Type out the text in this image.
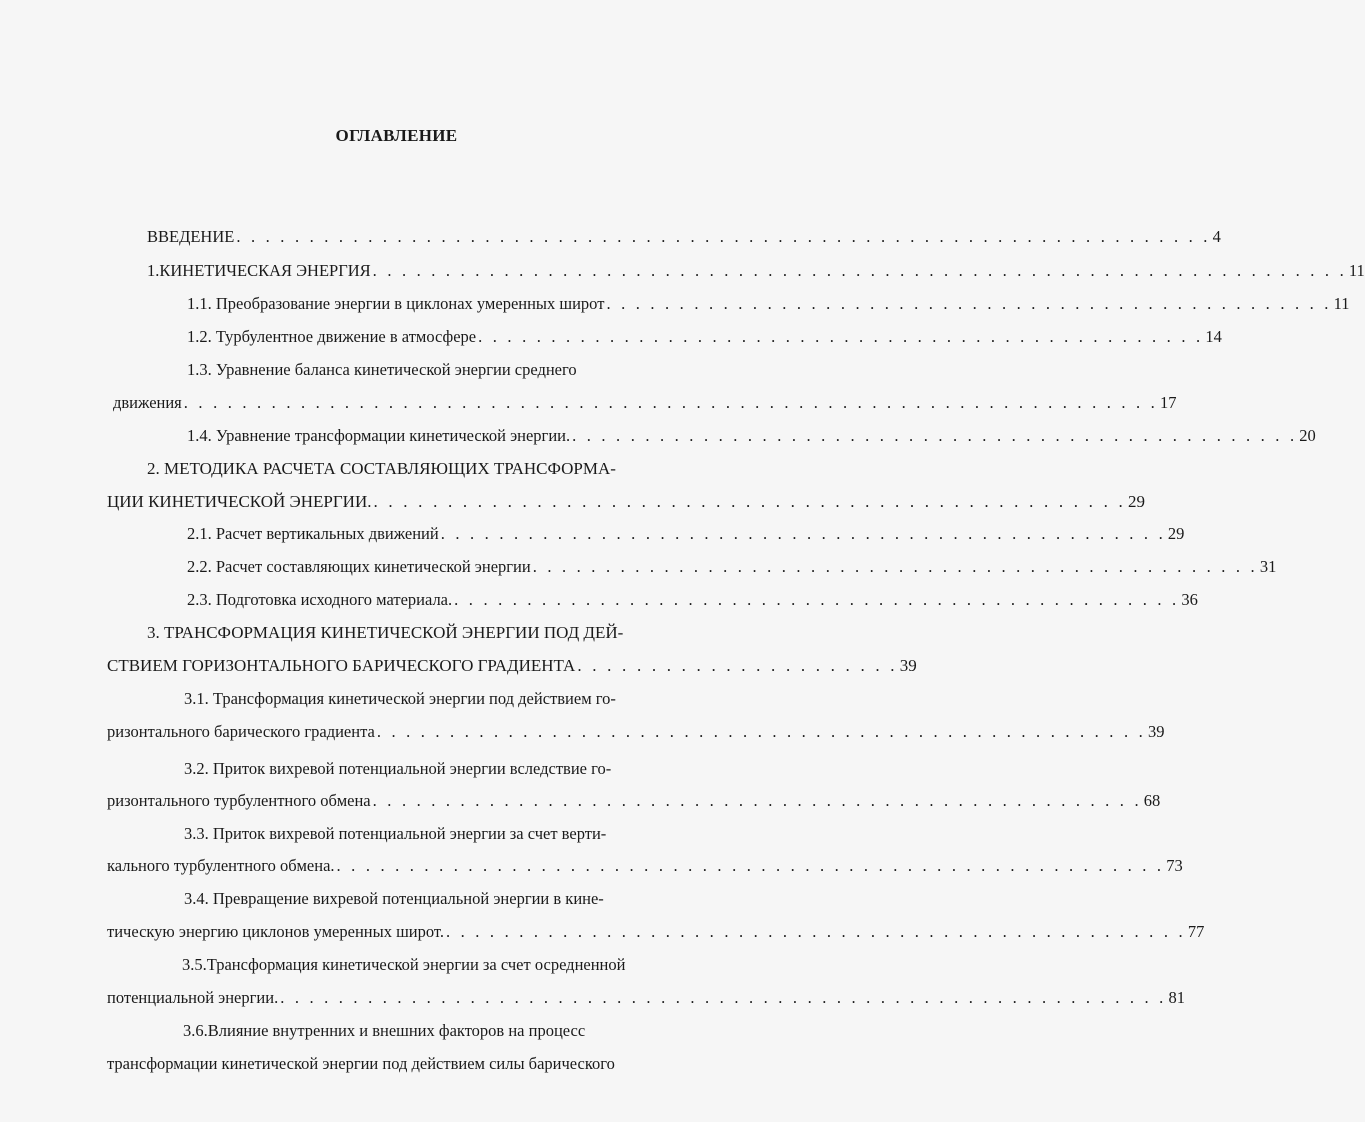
ОГЛАВЛЕНИЕ
ВВЕДЕНИЕ . . . . . . . . . . . . . . . . . . . . . . . . . . . . . . . . . . . . . . . . . . . . . . . . . . . . . . . . . . . . . . . . . . . 4
1.КИНЕТИЧЕСКАЯ ЭНЕРГИЯ . . . . . . . . . . . . . . . . . . . . . . . . . . . . . . . . . . . . . . . . . . . . . . . . . . . . . . . . . . . . . . . . . . . 11
1.1. Преобразование энергии в циклонах умеренных широт . . . . . . . . . . . . . . . . . . . . . . . . . . . . . . . . . . . . . . . . . . . . . . . . . . 11
1.2. Турбулентное движение в атмосфере . . . . . . . . . . . . . . . . . . . . . . . . . . . . . . . . . . . . . . . . . . . . . . . . . . 14
1.3. Уравнение баланса кинетической энергии среднего
движения . . . . . . . . . . . . . . . . . . . . . . . . . . . . . . . . . . . . . . . . . . . . . . . . . . . . . . . . . . . . . . . . . . . 17
1.4. Уравнение трансформации кинетической энергии. . . . . . . . . . . . . . . . . . . . . . . . . . . . . . . . . . . . . . . . . . . . . . . . . . . 20
2. МЕТОДИКА РАСЧЕТА СОСТАВЛЯЮЩИХ ТРАНСФОРМА-
ЦИИ КИНЕТИЧЕСКОЙ ЭНЕРГИИ. . . . . . . . . . . . . . . . . . . . . . . . . . . . . . . . . . . . . . . . . . . . . . . . . . . . 29
2.1. Расчет вертикальных движений . . . . . . . . . . . . . . . . . . . . . . . . . . . . . . . . . . . . . . . . . . . . . . . . . . 29
2.2. Расчет составляющих кинетической энергии . . . . . . . . . . . . . . . . . . . . . . . . . . . . . . . . . . . . . . . . . . . . . . . . . . 31
2.3. Подготовка исходного материала. . . . . . . . . . . . . . . . . . . . . . . . . . . . . . . . . . . . . . . . . . . . . . . . . . . 36
3. ТРАНСФОРМАЦИЯ КИНЕТИЧЕСКОЙ ЭНЕРГИИ ПОД ДЕЙ-
СТВИЕМ ГОРИЗОНТАЛЬНОГО БАРИЧЕСКОГО ГРАДИЕНТА . . . . . . . . . . . . . . . . . . . . . . 39
3.1. Трансформация кинетической энергии под действием го-
ризонтального барического градиента . . . . . . . . . . . . . . . . . . . . . . . . . . . . . . . . . . . . . . . . . . . . . . . . . . . . . 39
3.2. Приток вихревой потенциальной энергии вследствие го-
ризонтального турбулентного обмена . . . . . . . . . . . . . . . . . . . . . . . . . . . . . . . . . . . . . . . . . . . . . . . . . . . . . 68
3.3. Приток вихревой потенциальной энергии за счет верти-
кального турбулентного обмена. . . . . . . . . . . . . . . . . . . . . . . . . . . . . . . . . . . . . . . . . . . . . . . . . . . . . . . . . . 73
3.4. Превращение вихревой потенциальной энергии в кине-
тическую энергию циклонов умеренных широт. . . . . . . . . . . . . . . . . . . . . . . . . . . . . . . . . . . . . . . . . . . . . . . . . . . . 77
3.5.Трансформация кинетической энергии за счет осредненной
потенциальной энергии. . . . . . . . . . . . . . . . . . . . . . . . . . . . . . . . . . . . . . . . . . . . . . . . . . . . . . . . . . . . . . 81
3.6.Влияние внутренних и внешних факторов на процесс
трансформации кинетической энергии под действием силы барического
